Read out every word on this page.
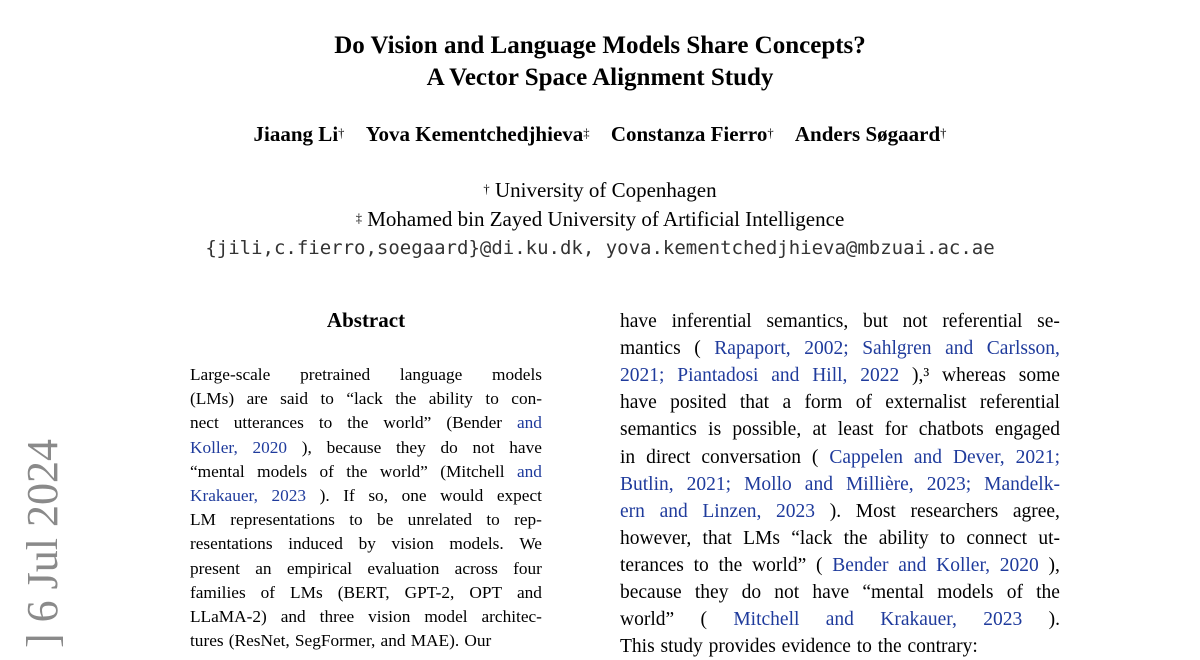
] 6 Jul 2024
Do Vision and Language Models Share Concepts?
A Vector Space Alignment Study
Jiaang Li† Yova Kementchedjhieva‡ Constanza Fierro† Anders Søgaard†
† University of Copenhagen
‡ Mohamed bin Zayed University of Artificial Intelligence
{jili,c.fierro,soegaard}@di.ku.dk, yova.kementchedjhieva@mbzuai.ac.ae
Abstract
Large-scale pretrained language models
(LMs) are said to “lack the ability to con-
nect utterances to the world” (Bender and
Koller, 2020 ), because they do not have
“mental models of the world” (Mitchell and
Krakauer, 2023 ). If so, one would expect
LM representations to be unrelated to rep-
resentations induced by vision models. We
present an empirical evaluation across four
families of LMs (BERT, GPT-2, OPT and
LLaMA-2) and three vision model architec-
tures (ResNet, SegFormer, and MAE). Our
have inferential semantics, but not referential se-
mantics ( Rapaport, 2002; Sahlgren and Carlsson,
2021; Piantadosi and Hill, 2022 ),³ whereas some
have posited that a form of externalist referential
semantics is possible, at least for chatbots engaged
in direct conversation ( Cappelen and Dever, 2021;
Butlin, 2021; Mollo and Millière, 2023; Mandelk-
ern and Linzen, 2023 ). Most researchers agree,
however, that LMs “lack the ability to connect ut-
terances to the world” ( Bender and Koller, 2020 ),
because they do not have “mental models of the
world” ( Mitchell and Krakauer, 2023 ).
This study provides evidence to the contrary:
